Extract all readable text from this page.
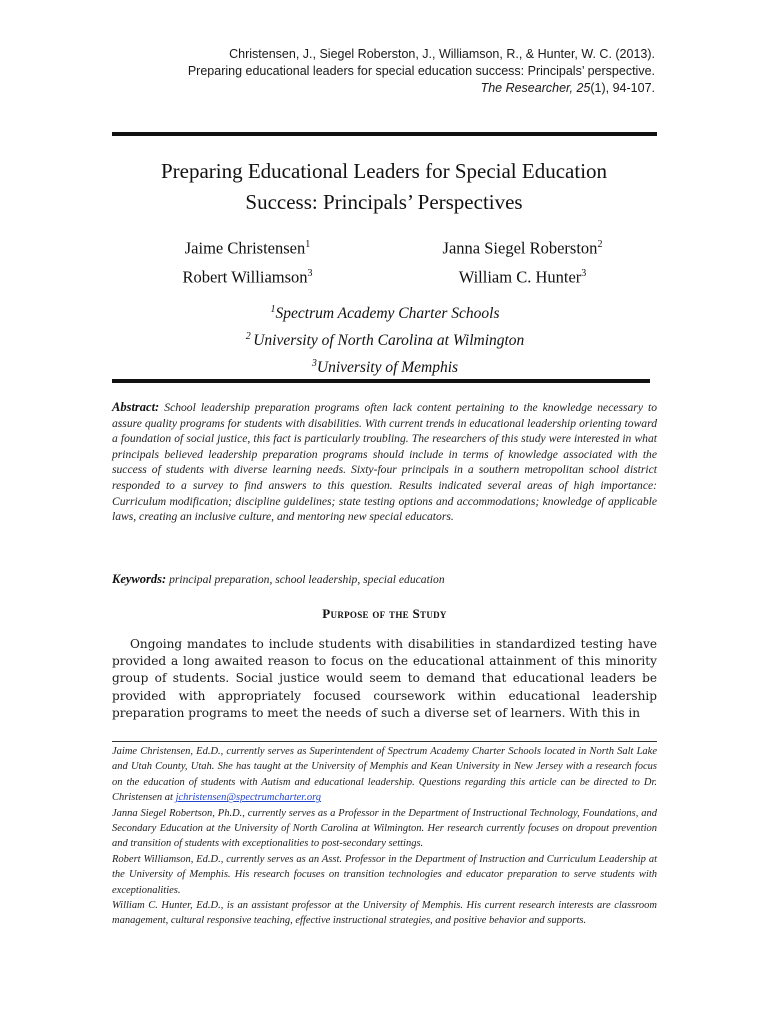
Christensen, J., Siegel Roberston, J., Williamson, R., & Hunter, W. C. (2013).
Preparing educational leaders for special education success: Principals’ perspective.
The Researcher, 25(1), 94-107.
Preparing Educational Leaders for Special Education
Success: Principals’ Perspectives
Jaime Christensen$^1$	Janna Siegel Roberston$^2$
Robert Williamson$^3$	William C. Hunter$^3$
$^1$Spectrum Academy Charter Schools
$^2$ University of North Carolina at Wilmington
$^3$University of Memphis
Abstract: School leadership preparation programs often lack content pertaining to the knowledge necessary to assure quality programs for students with disabilities. With current trends in educational leadership orienting toward a foundation of social justice, this fact is particularly troubling. The researchers of this study were interested in what principals believed leadership preparation programs should include in terms of knowledge associated with the success of students with diverse learning needs. Sixty-four principals in a southern metropolitan school district responded to a survey to find answers to this question. Results indicated several areas of high importance: Curriculum modification; discipline guidelines; state testing options and accommodations; knowledge of applicable laws, creating an inclusive culture, and mentoring new special educators.
Keywords: principal preparation, school leadership, special education
Purpose of the Study
Ongoing mandates to include students with disabilities in standardized testing have provided a long awaited reason to focus on the educational attainment of this minority group of students. Social justice would seem to demand that educational leaders be provided with appropriately focused coursework within educational leadership preparation programs to meet the needs of such a diverse set of learners. With this in

Jaime Christensen, Ed.D., currently serves as Superintendent of Spectrum Academy Charter Schools located in North Salt Lake and Utah County, Utah. She has taught at the University of Memphis and Kean University in New Jersey with a research focus on the education of students with Autism and educational leadership. Questions regarding this article can be directed to Dr. Christensen at jchristensen@spectrumcharter.org

Janna Siegel Robertson, Ph.D., currently serves as a Professor in the Department of Instructional Technology, Foundations, and Secondary Education at the University of North Carolina at Wilmington. Her research currently focuses on dropout prevention and transition of students with exceptionalities to post-secondary settings.

Robert Williamson, Ed.D., currently serves as an Asst. Professor in the Department of Instruction and Curriculum Leadership at the University of Memphis. His research focuses on transition technologies and educator preparation to serve students with exceptionalities.

William C. Hunter, Ed.D., is an assistant professor at the University of Memphis. His current research interests are classroom management, cultural responsive teaching, effective instructional strategies, and positive behavior and supports.
